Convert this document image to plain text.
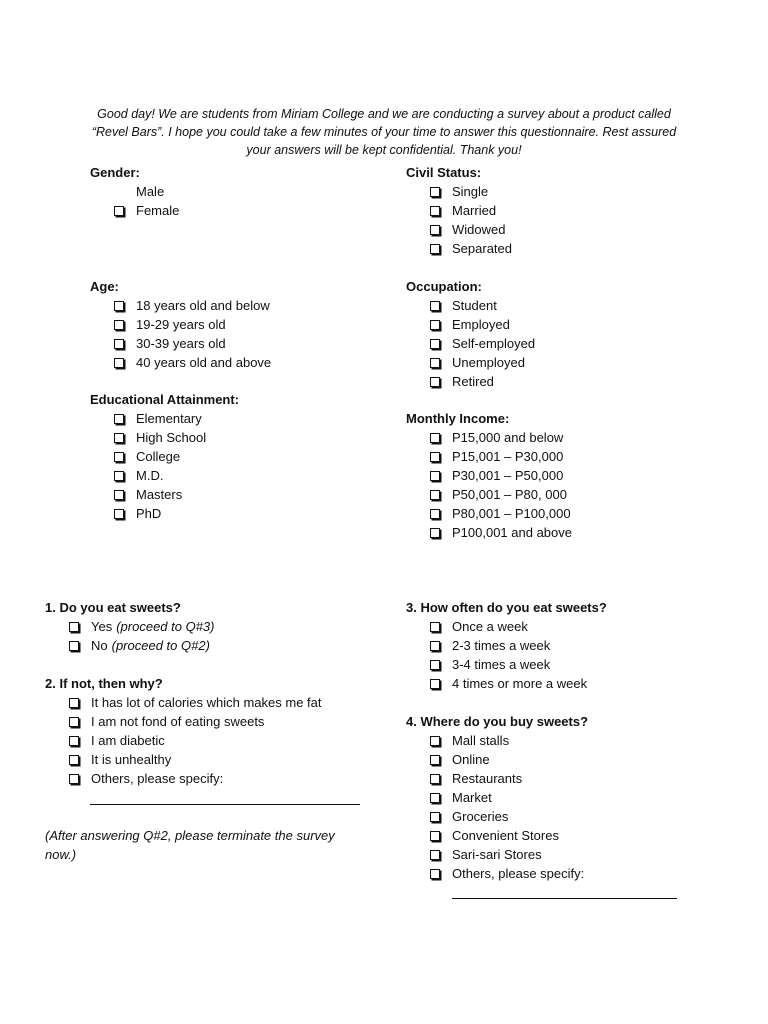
Good day! We are students from Miriam College and we are conducting a survey about a product called “Revel Bars”. I hope you could take a few minutes of your time to answer this questionnaire. Rest assured your answers will be kept confidential. Thank you!

Gender:
Male
Female
Civil Status:
Single
Married
Widowed
Separated
Age:
18 years old and below
19-29 years old
30-39 years old
40 years old and above
Occupation:
Student
Employed
Self-employed
Unemployed
Retired
Educational Attainment:
Elementary
High School
College
M.D.
Masters
PhD
Monthly Income:
P15,000 and below
P15,001 – P30,000
P30,001 – P50,000
P50,001 – P80, 000
P80,001 – P100,000
P100,001 and above
1. Do you eat sweets?
Yes (proceed to Q#3)
No (proceed to Q#2)
2. If not, then why?
It has lot of calories which makes me fat
I am not fond of eating sweets
I am diabetic
It is unhealthy
Others, please specify:
(After answering Q#2, please terminate the survey now.)
3. How often do you eat sweets?
Once a week
2-3 times a week
3-4 times a week
4 times or more a week
4. Where do you buy sweets?
Mall stalls
Online
Restaurants
Market
Groceries
Convenient Stores
Sari-sari Stores
Others, please specify:
